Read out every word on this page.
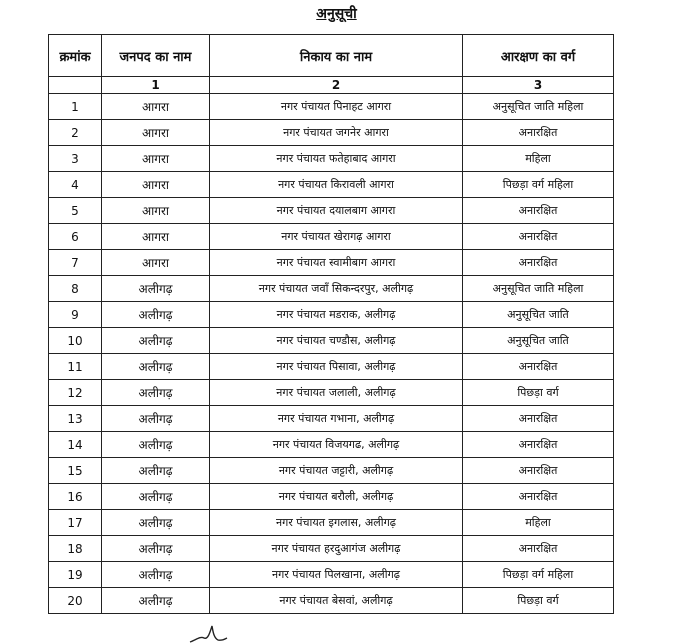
अनुसूची
क्रमांक	जनपद का नाम	निकाय का नाम	आरक्षण का वर्ग
	1	2	3
1	आगरा	नगर पंचायत पिनाहट आगरा	अनुसूचित जाति महिला
2	आगरा	नगर पंचायत जगनेर आगरा	अनारक्षित
3	आगरा	नगर पंचायत फतेहाबाद आगरा	महिला
4	आगरा	नगर पंचायत किरावली आगरा	पिछड़ा वर्ग महिला
5	आगरा	नगर पंचायत दयालबाग आगरा	अनारक्षित
6	आगरा	नगर पंचायत खेरागढ़ आगरा	अनारक्षित
7	आगरा	नगर पंचायत स्वामीबाग आगरा	अनारक्षित
8	अलीगढ़	नगर पंचायत जवाँ सिकन्दरपुर, अलीगढ़	अनुसूचित जाति महिला
9	अलीगढ़	नगर पंचायत मडराक, अलीगढ़	अनुसूचित जाति
10	अलीगढ़	नगर पंचायत चण्डौस, अलीगढ़	अनुसूचित जाति
11	अलीगढ़	नगर पंचायत पिसावा, अलीगढ़	अनारक्षित
12	अलीगढ़	नगर पंचायत जलाली, अलीगढ़	पिछड़ा वर्ग
13	अलीगढ़	नगर पंचायत गभाना, अलीगढ़	अनारक्षित
14	अलीगढ़	नगर पंचायत विजयगढ, अलीगढ़	अनारक्षित
15	अलीगढ़	नगर पंचायत जट्टारी, अलीगढ़	अनारक्षित
16	अलीगढ़	नगर पंचायत बरौली, अलीगढ़	अनारक्षित
17	अलीगढ़	नगर पंचायत इगलास, अलीगढ़	महिला
18	अलीगढ़	नगर पंचायत हरदुआगंज अलीगढ़	अनारक्षित
19	अलीगढ़	नगर पंचायत पिलखाना, अलीगढ़	पिछड़ा वर्ग महिला
20	अलीगढ़	नगर पंचायत बेसवां, अलीगढ़	पिछड़ा वर्ग
